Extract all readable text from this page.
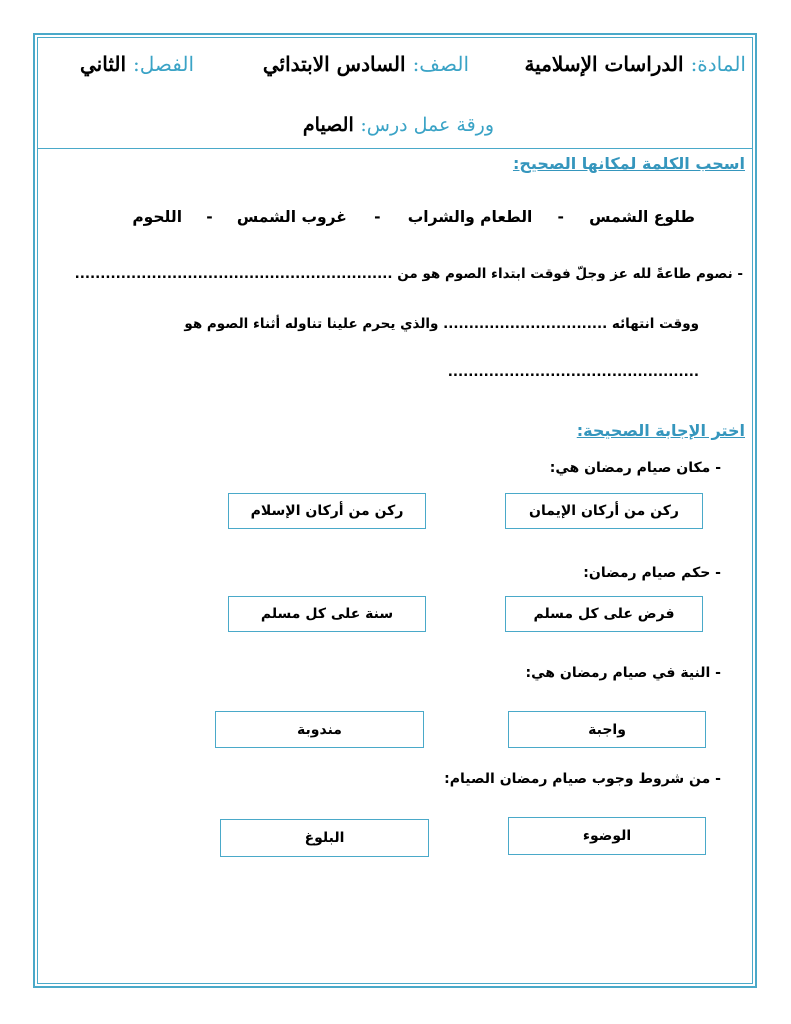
المادة: الدراسات الإسلامية
الصف: السادس الابتدائي
الفصل: الثاني
ورقة عمل درس: الصيام
اسحب الكلمة لمكانها الصحيح:
طلوع الشمس - الطعام والشراب - غروب الشمس - اللحوم
- نصوم طاعةً لله عز وجلّ فوقت ابتداء الصوم هو من ..............................................................
ووقت انتهائه ................................ والذي يحرم علينا تناوله أثناء الصوم هو
.................................................
اختر الإجابة الصحيحة:
- مكان صيام رمضان هي:
ركن من أركان الإيمان
ركن من أركان الإسلام
- حكم صيام رمضان:
فرض على كل مسلم
سنة على كل مسلم
- النية في صيام رمضان هي:
واجبة
مندوبة
- من شروط وجوب صيام رمضان الصيام:
الوضوء
البلوغ
